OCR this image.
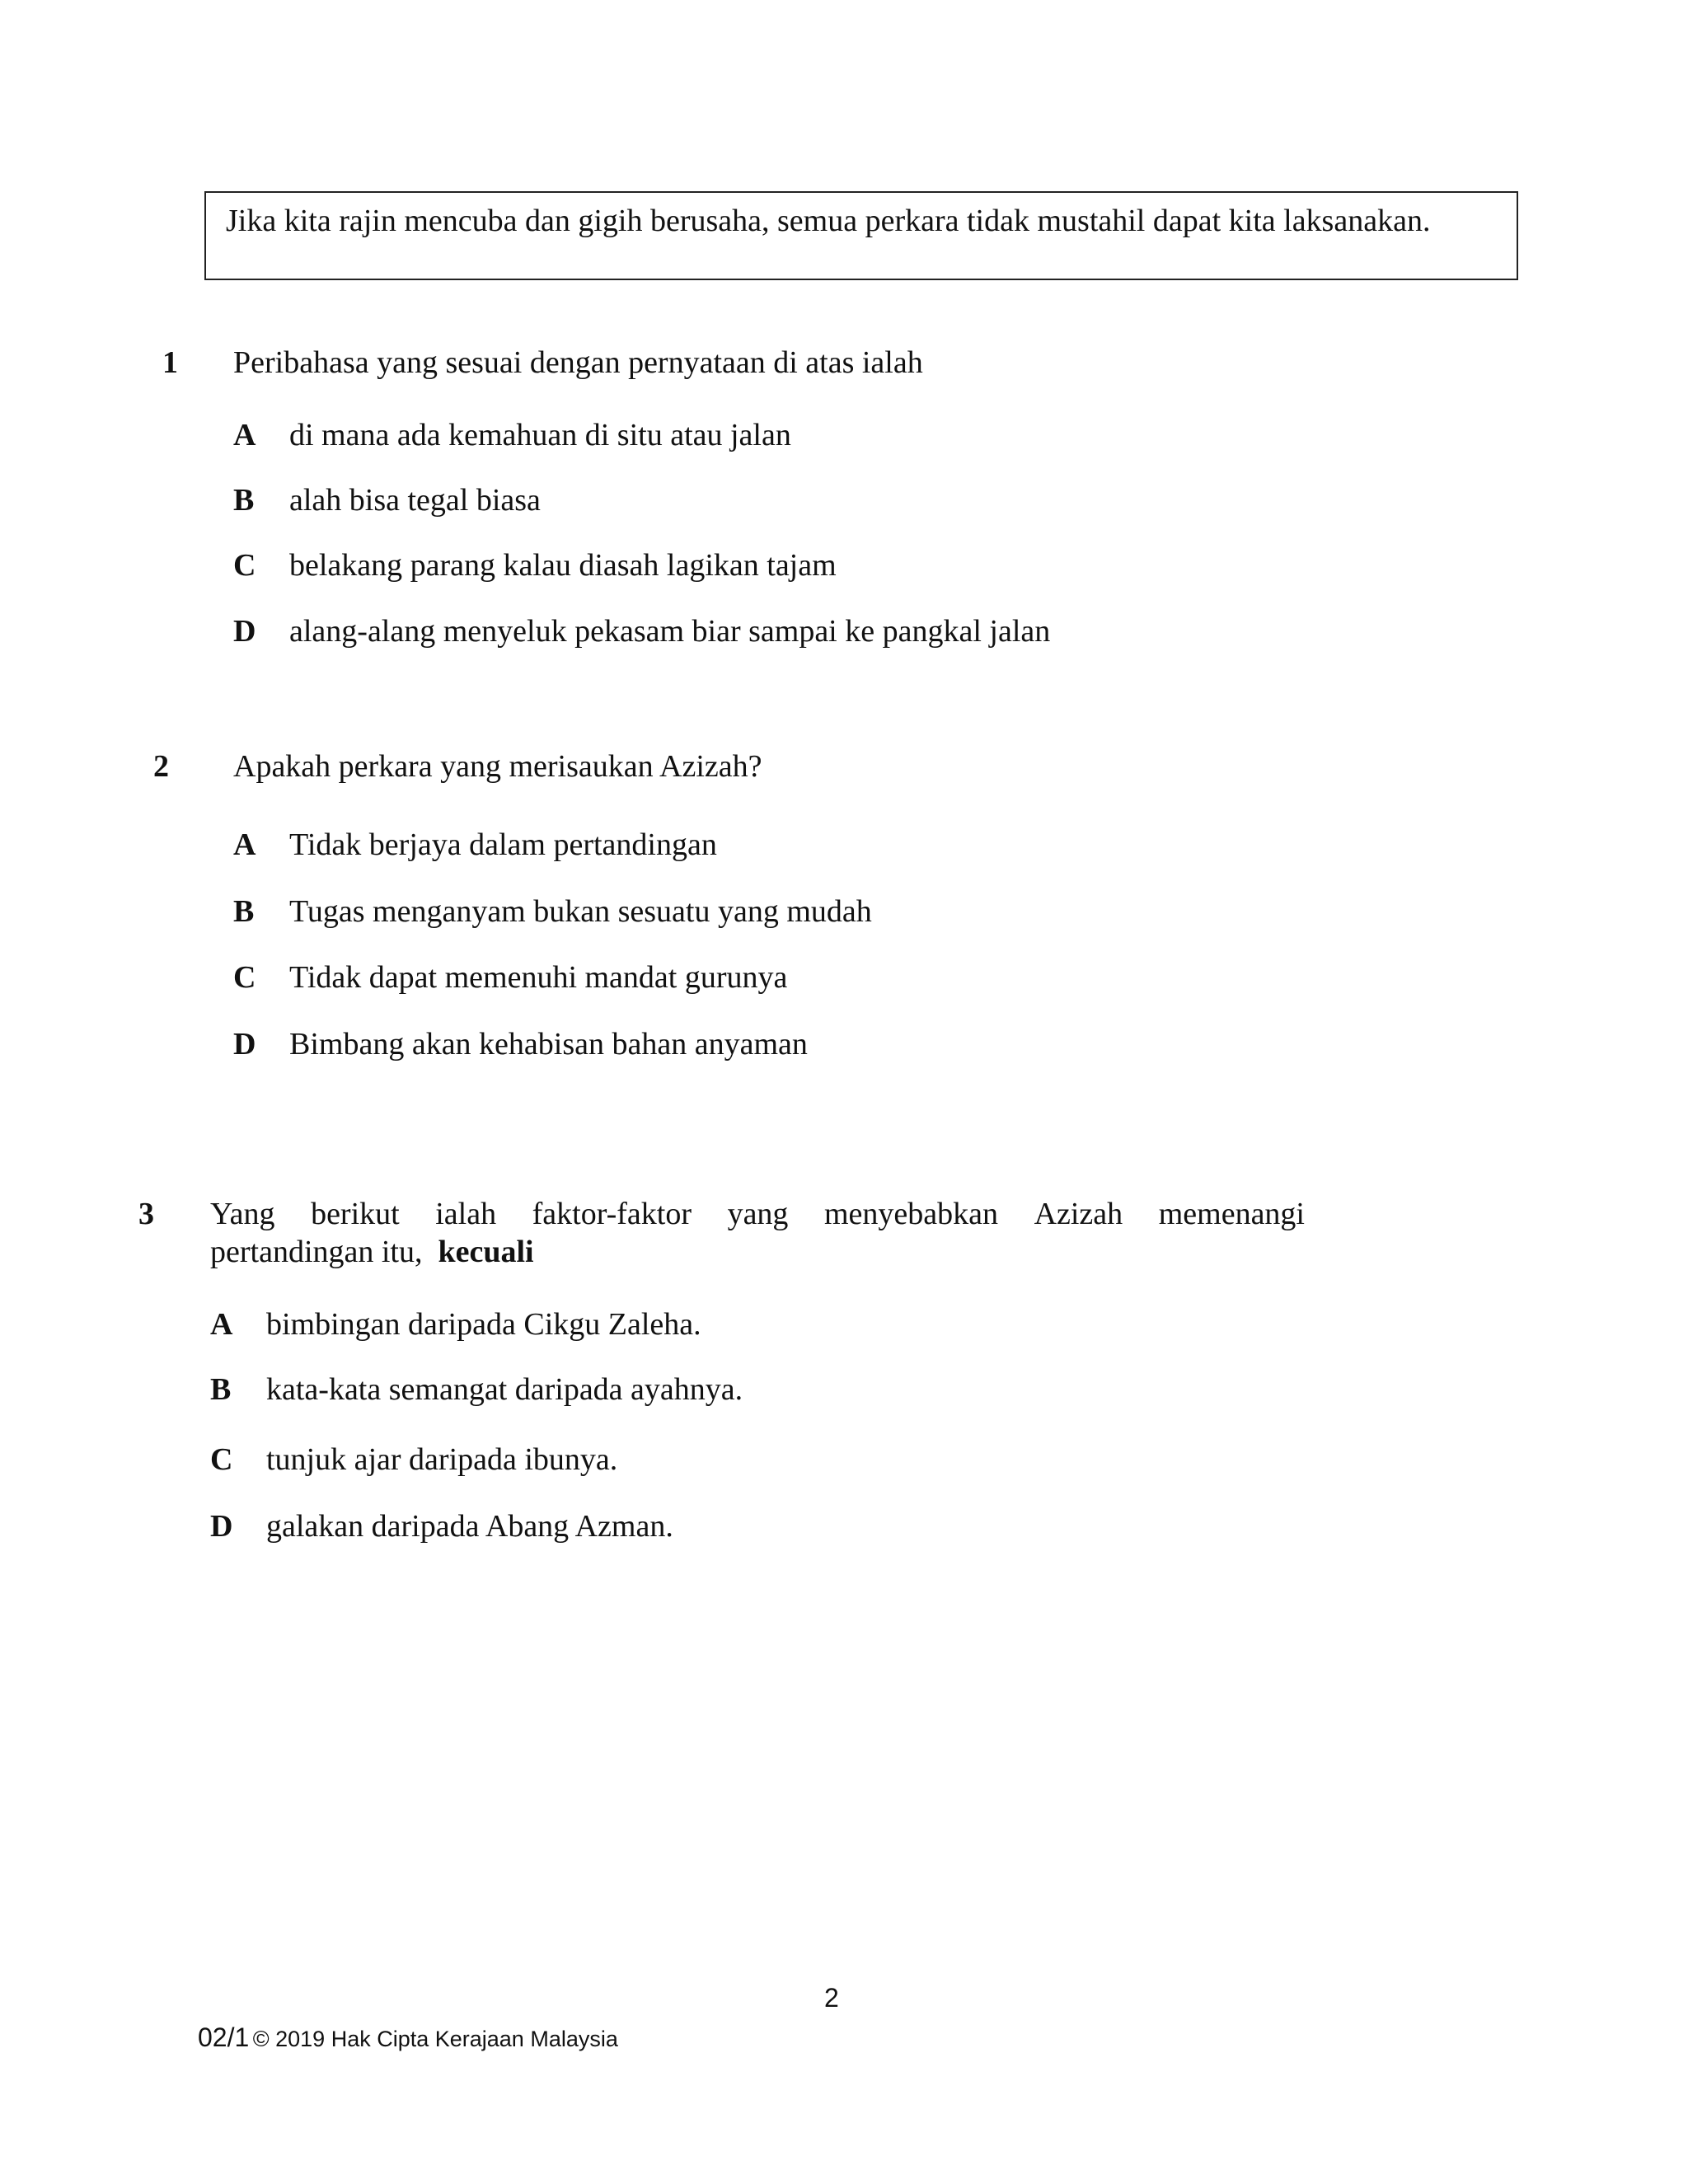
Jika kita rajin mencuba dan gigih berusaha, semua perkara tidak mustahil dapat kita laksanakan.
1 Peribahasa yang sesuai dengan pernyataan di atas ialah
A di mana ada kemahuan di situ atau jalan
B alah bisa tegal biasa
C belakang parang kalau diasah lagikan tajam
D alang-alang menyeluk pekasam biar sampai ke pangkal jalan
2 Apakah perkara yang merisaukan Azizah?
A Tidak berjaya dalam pertandingan
B Tugas menganyam bukan sesuatu yang mudah
C Tidak dapat memenuhi mandat gurunya
D Bimbang akan kehabisan bahan anyaman
3 Yang berikut ialah faktor-faktor yang menyebabkan Azizah memenangi
pertandingan itu, kecuali
A bimbingan daripada Cikgu Zaleha.
B kata-kata semangat daripada ayahnya.
C tunjuk ajar daripada ibunya.
D galakan daripada Abang Azman.
2
02/1 © 2019 Hak Cipta Kerajaan Malaysia
